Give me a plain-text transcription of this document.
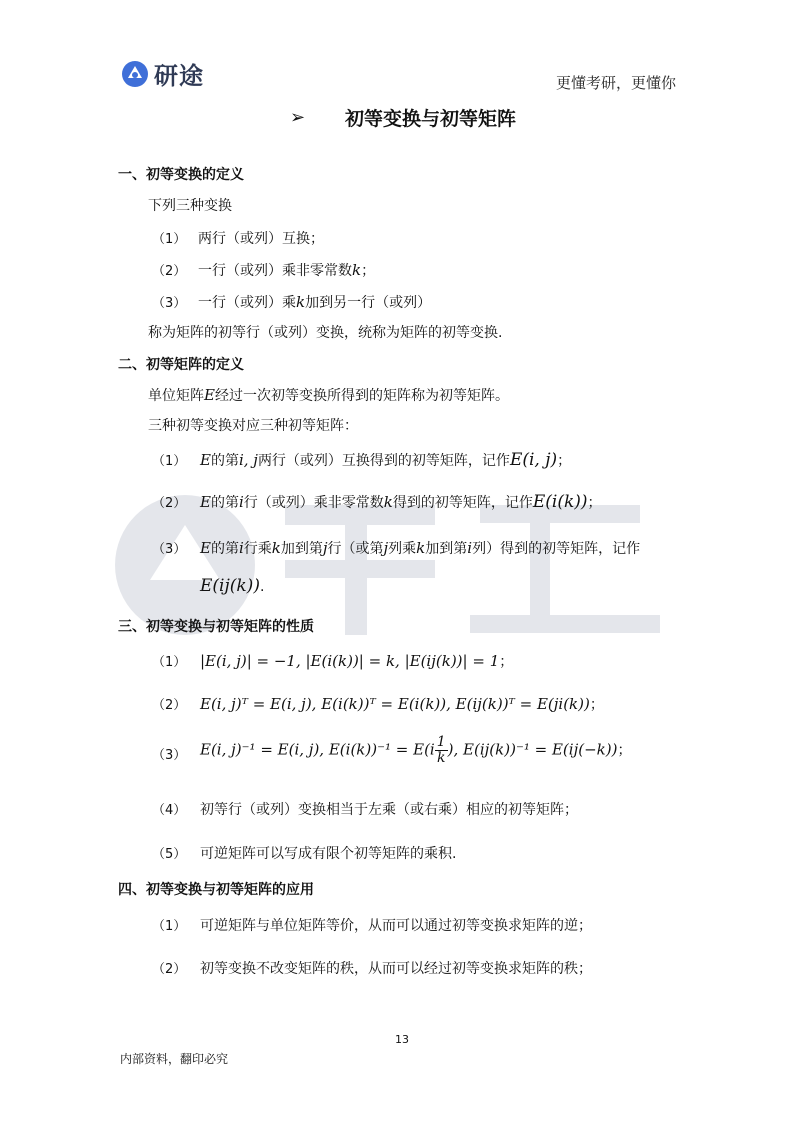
研途	更懂考研，更懂你
➢	初等变换与初等矩阵
一、初等变换的定义
下列三种变换
（1） 两行（或列）互换；
（2） 一行（或列）乘非零常数k；
（3） 一行（或列）乘k加到另一行（或列）
称为矩阵的初等行（或列）变换，统称为矩阵的初等变换.
二、初等矩阵的定义
单位矩阵E经过一次初等变换所得到的矩阵称为初等矩阵。
三种初等变换对应三种初等矩阵：
（1） E的第i, j两行（或列）互换得到的初等矩阵，记作E(i, j)；
（2） E的第i行（或列）乘非零常数k得到的初等矩阵，记作E(i(k))；
（3） E的第i行乘k加到第j行（或第j列乘k加到第i列）得到的初等矩阵，记作
E(ij(k)).
三、初等变换与初等矩阵的性质
（1） |E(i, j)| = −1, |E(i(k))| = k, |E(ij(k))| = 1；
（2） E(i, j)ᵀ = E(i, j), E(i(k))ᵀ = E(i(k)), E(ij(k))ᵀ = E(ji(k))；
（3） E(i, j)⁻¹ = E(i, j), $E(i(k))^{-1} = E(i \frac{1}{k}$ ), E(ij(k))⁻¹ = E(ij(−k))；
（4） 初等行（或列）变换相当于左乘（或右乘）相应的初等矩阵；
（5） 可逆矩阵可以写成有限个初等矩阵的乘积.
四、初等变换与初等矩阵的应用
（1） 可逆矩阵与单位矩阵等价，从而可以通过初等变换求矩阵的逆；
（2） 初等变换不改变矩阵的秩，从而可以经过初等变换求矩阵的秩；
13
内部资料，翻印必究
